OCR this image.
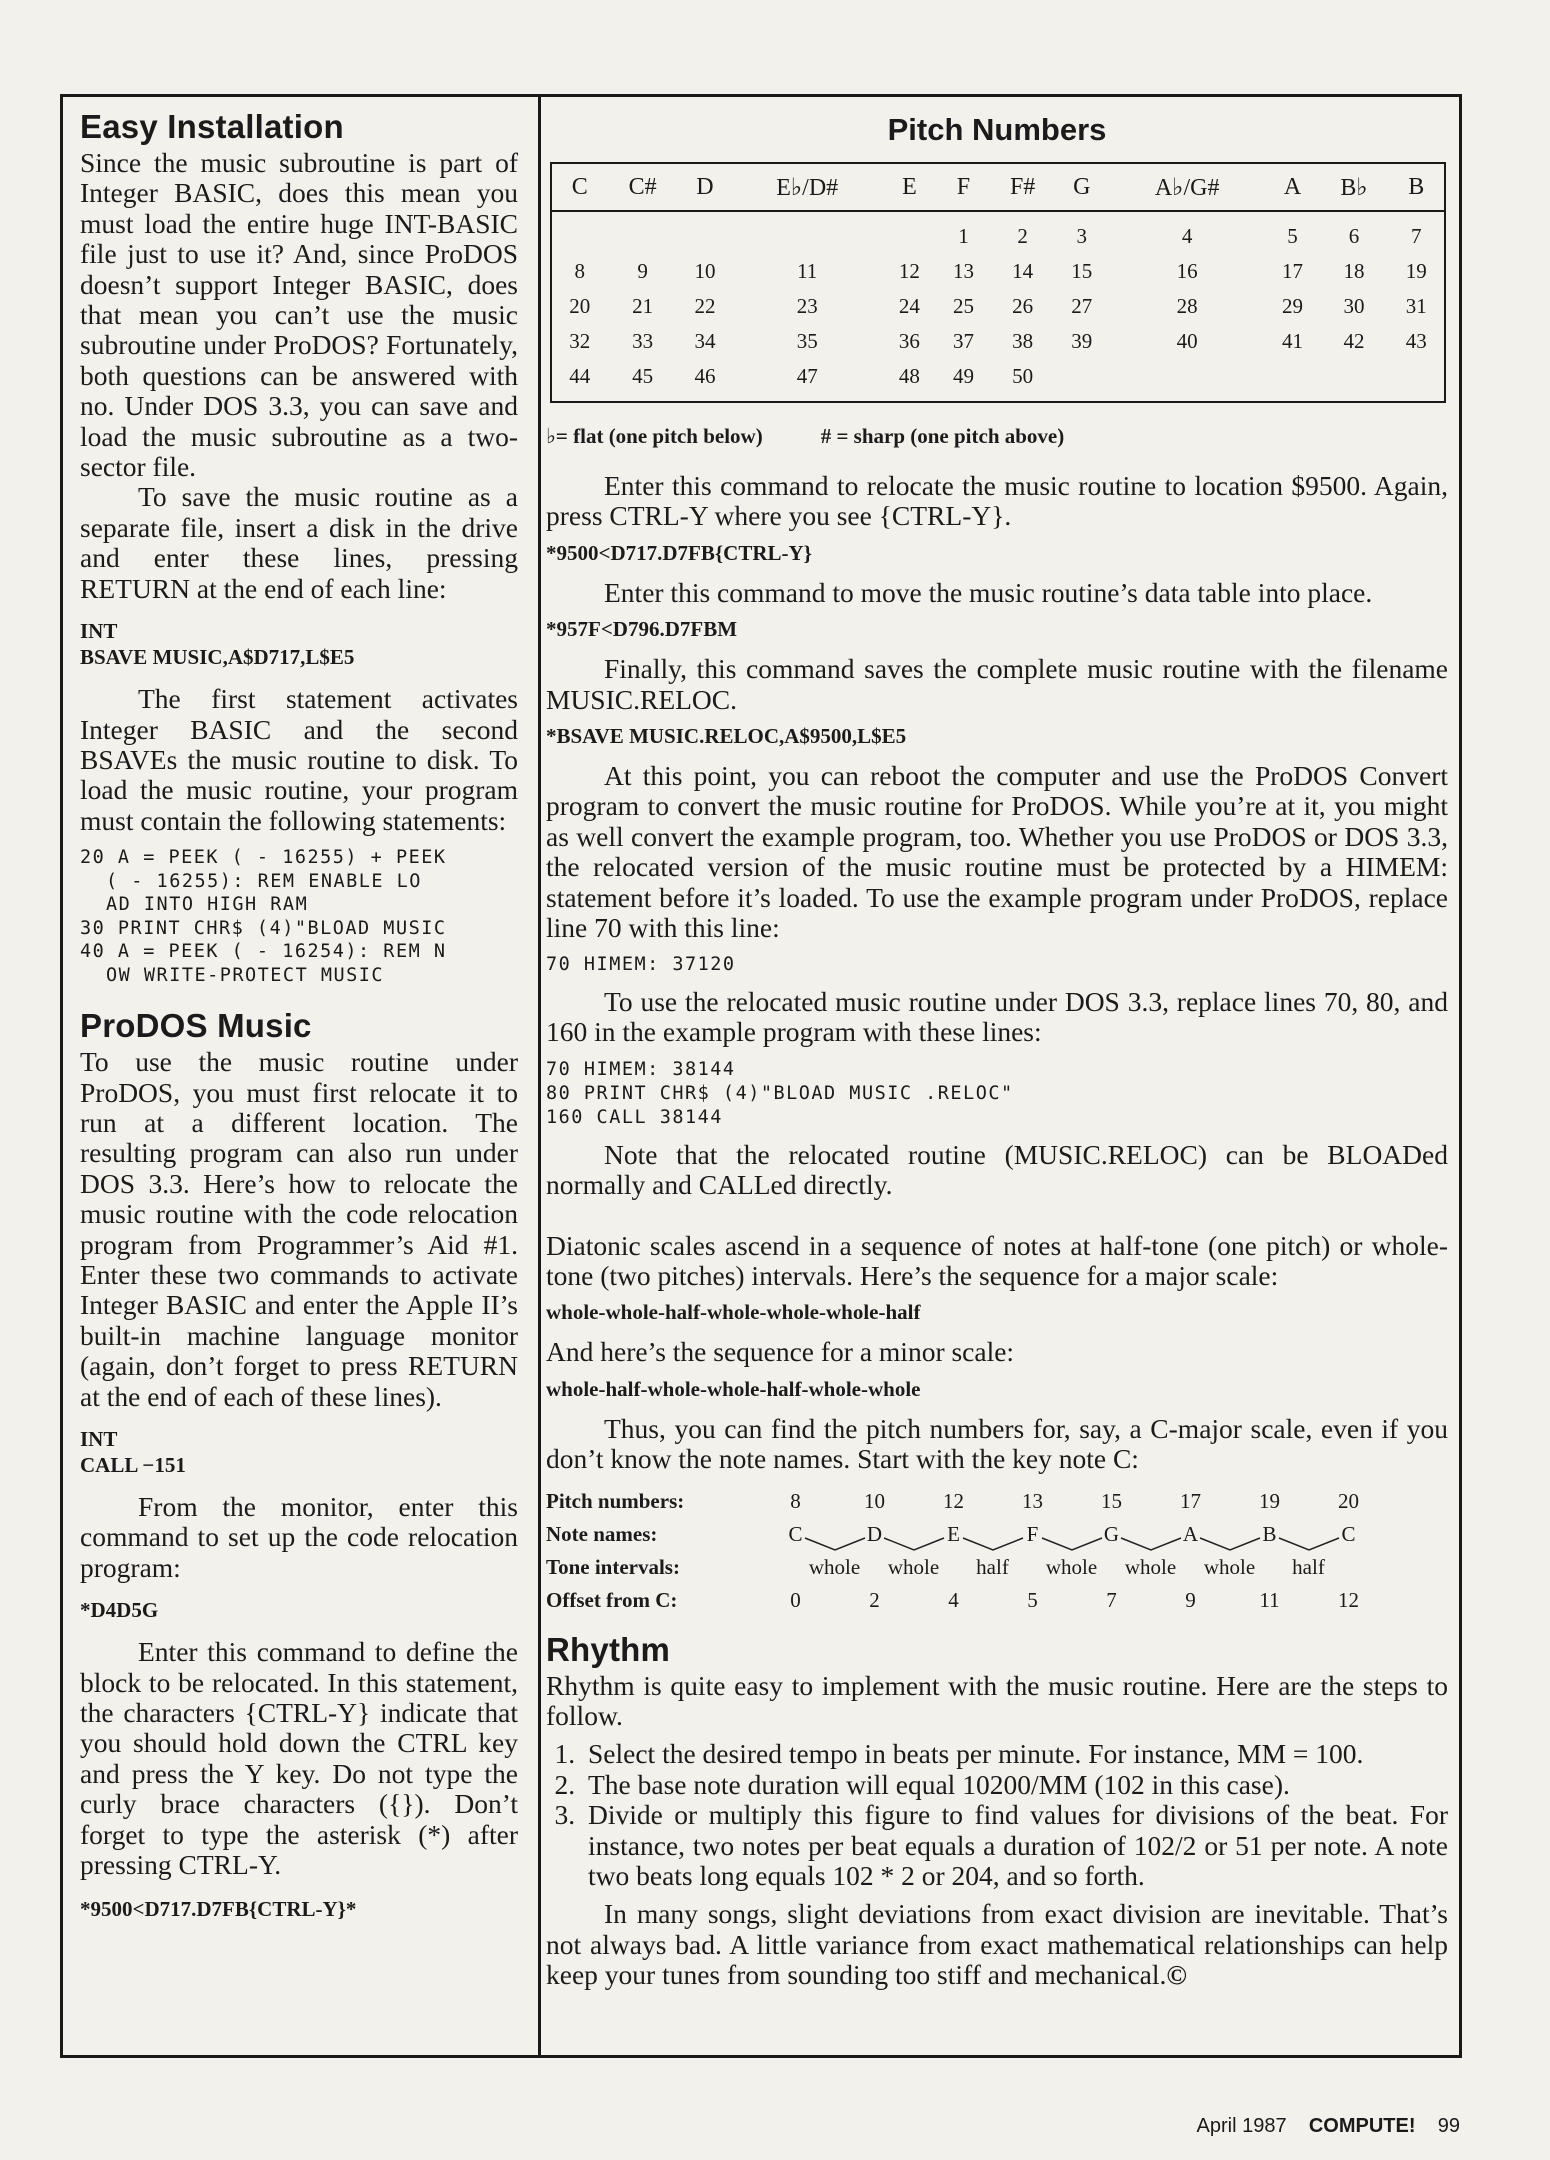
Easy Installation

Since the music subroutine is part of Integer BASIC, does this mean you must load the entire huge INT-BASIC file just to use it? And, since ProDOS doesn’t support Integer BASIC, does that mean you can’t use the music subroutine under ProDOS? Fortunately, both questions can be answered with no. Under DOS 3.3, you can save and load the music subroutine as a two-sector file.

To save the music routine as a separate file, insert a disk in the drive and enter these lines, pressing RETURN at the end of each line:

INT
BSAVE MUSIC,A$D717,L$E5

The first statement activates Integer BASIC and the second BSAVEs the music routine to disk. To load the music routine, your program must contain the following statements:

20 A = PEEK ( - 16255) + PEEK
( - 16255): REM ENABLE LO
AD INTO HIGH RAM
30 PRINT CHR$ (4)"BLOAD MUSIC
40 A = PEEK ( - 16254): REM N
OW WRITE-PROTECT MUSIC
ProDOS Music

To use the music routine under ProDOS, you must first relocate it to run at a different location. The resulting program can also run under DOS 3.3. Here’s how to relocate the music routine with the code relocation program from Programmer’s Aid #1. Enter these two commands to activate Integer BASIC and enter the Apple II’s built-in machine language monitor (again, don’t forget to press RETURN at the end of each of these lines).

INT
CALL −151

From the monitor, enter this command to set up the code relocation program:

*D4D5G

Enter this command to define the block to be relocated. In this statement, the characters {CTRL-Y} indicate that you should hold down the CTRL key and press the Y key. Do not type the curly brace characters ({}). Don’t forget to type the asterisk (*) after pressing CTRL-Y.

*9500<D717.D7FB{CTRL-Y}*
Pitch Numbers
C	C#	D	E♭/D#	E	F	F#	G	A♭/G#	A	B♭	B
					1	2	3	4	5	6	7
8	9	10	11	12	13	14	15	16	17	18	19
20	21	22	23	24	25	26	27	28	29	30	31
32	33	34	35	36	37	38	39	40	41	42	43
44	45	46	47	48	49	50					
♭= flat (one pitch below)	# = sharp (one pitch above)

Enter this command to relocate the music routine to location $9500. Again, press CTRL-Y where you see {CTRL-Y}.

*9500<D717.D7FB{CTRL-Y}

Enter this command to move the music routine’s data table into place.

*957F<D796.D7FBM

Finally, this command saves the complete music routine with the filename MUSIC.RELOC.

*BSAVE MUSIC.RELOC,A$9500,L$E5

At this point, you can reboot the computer and use the ProDOS Convert program to convert the music routine for ProDOS. While you’re at it, you might as well convert the example program, too. Whether you use ProDOS or DOS 3.3, the relocated version of the music routine must be protected by a HIMEM: statement before it’s loaded. To use the example program under ProDOS, replace line 70 with this line:

70 HIMEM: 37120

To use the relocated music routine under DOS 3.3, replace lines 70, 80, and 160 in the example program with these lines:

70 HIMEM: 38144
80 PRINT CHR$ (4)"BLOAD MUSIC .RELOC"
160 CALL 38144

Note that the relocated routine (MUSIC.RELOC) can be BLOADed normally and CALLed directly.

Diatonic scales ascend in a sequence of notes at half-tone (one pitch) or whole-tone (two pitches) intervals. Here’s the sequence for a major scale:

whole-whole-half-whole-whole-whole-half

And here’s the sequence for a minor scale:

whole-half-whole-whole-half-whole-whole

Thus, you can find the pitch numbers for, say, a C-major scale, even if you don’t know the note names. Start with the key note C:

Pitch numbers:	8	10	12	13	15	17	19	20
Note names:	C	D	E	F	G	A	B	C
Tone intervals:	whole	whole	half	whole	whole	whole	half
Offset from C:	0	2	4	5	7	9	11	12
Rhythm

Rhythm is quite easy to implement with the music routine. Here are the steps to follow.

1. Select the desired tempo in beats per minute. For instance, MM = 100.
2. The base note duration will equal 10200/MM (102 in this case).
3. Divide or multiply this figure to find values for divisions of the beat. For instance, two notes per beat equals a duration of 102/2 or 51 per note. A note two beats long equals 102 * 2 or 204, and so forth.

In many songs, slight deviations from exact division are inevitable. That’s not always bad. A little variance from exact mathematical relationships can help keep your tunes from sounding too stiff and mechanical.©

April 1987 COMPUTE! 99
